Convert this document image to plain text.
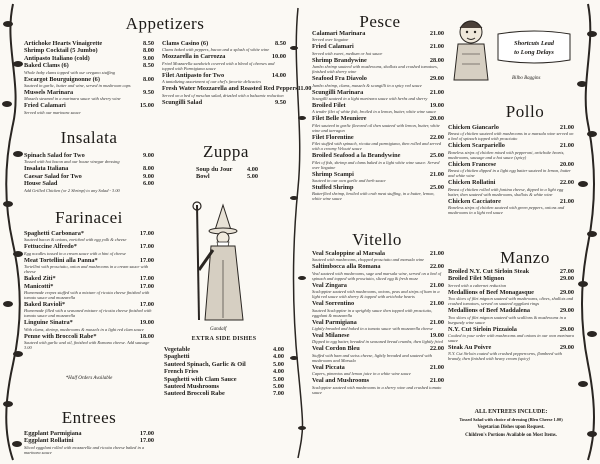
Appetizers
Artichoke Hearts Vinaigrette	8.50
Shrimp Cocktail (5 Jumbo)	8.00
Antipasto Italiano (cold)	9.00
Baked Clams (6)	8.50
Whole baby clams topped with our oregano stuffing
Escargot Bourguignonne (6)	8.00
Sauteed in garlic, butter and wine, served in mushroom caps
Mussels Marinara	9.50
Mussels steamed in a marinara sauce with sherry wine
Fried Calamari	15.00
Served with our marinara sauce
Clams Casino (6)	8.50
Clams baked with peppers, bacon and a splash of white wine
Mozzarella in Carrozza	10.00
Fried Mozzarella sandwich covered with a blend of cheeses and topped with Parmigiana sauce
Filet Antipasto for Two	14.00
A tantalizing assortment of our chef's favorite delicacies
Fresh Water Mozzarella and Roasted Red Peppers 11.00
Served on a bed of mesclun salad, drizzled with a balsamic reduction
Scungilli Salad	9.50
Insalata
Spinach Salad for Two	9.00
Tossed with hot bacon and our house vinegar dressing
Insalata Italiana	8.00
Caesar Salad for Two	9.00
House Salad	6.00
Add Grilled Chicken (or 2 Shrimp) to any Salad - 3.00
Zuppa
Soup du Jour 4.00
Bowl	5.00
Gandalf
Farinacei
Spaghetti Carbonara*	17.00
Sauteed bacon & onions, enriched with egg yolk & cheese
Fettuccine Alfredo*	17.00
Egg noodles tossed in a cream sauce with a hint of cheese
Meat Tortellini alla Panna*	17.00
Tortellini with prosciutto, onion and mushrooms in a cream sauce with cheese
Baked Ziti*	17.00
Manicotti*	17.00
Homemade crepes stuffed with a mixture of ricotta cheese finished with tomato sauce and mozzarella
Baked Ravioli*	17.00
Homemade filled with a seasoned mixture of ricotta cheese finished with tomato sauce and mozzarella
Linguine Sinatra*	19.00
With clams, shrimp, mushrooms & mussels in a light red clam sauce
Penne with Broccoli Rabe*	18.00
Sauteed with garlic and oil, finished with Romano cheese. Add sausage 3.00
*Half Orders Available
Entrees
Eggplant Parmigiana	17.00
Eggplant Rollatini	17.00
Sliced eggplant rolled with mozzarella and ricotta cheese baked in a marinara sauce
EXTRA SIDE DISHES
Vegetable	4.00
Spaghetti	4.00
Sauteed Spinach, Garlic & Oil	5.00
French Fries	4.00
Spaghetti with Clam Sauce	5.00
Sauteed Mushrooms	5.00
Sauteed Broccoli Rabe	7.00
Pesce
Calamari Marinara	21.00
Served over linguine
Fried Calamari	21.00
Served with sweet, medium or hot sauce
Shrimp Brandywine	28.00
Jumbo shrimp sauteed with mushrooms, shallots and crushed tomatoes, finished with sherry wine
Seafood Fra Diavolo	29.00
Jumbo shrimp, clams, mussels & scungilli in a spicy red sauce
Scungilli Marinara	21.00
Scungilli sauteed in a light marinara sauce with herbs and sherry
Broiled Filet	19.00
A tender filet of white fish, broiled in a lemon, butter, white wine sauce
Filet Belle Meuniere	20.00
Filet sauteed in garlic flavored oil then sauteed with lemon, butter, white wine and tarragon
Filet Florentine	22.00
Filet stuffed with spinach, ricotta and parmigiana, then rolled and served with a creamy Velouté sauce
Broiled Seafood a la Brandywine	25.00
Filet of fish, shrimp and clams baked in a light white wine sauce. Served over linguine
Shrimp Scampi	21.00
Sauteed in our own garlic and herb sauce
Stuffed Shrimp	25.00
Butterflied shrimp, broiled with crab meat stuffing, in a butter, lemon, white wine sauce
Shortcuts Lead
to Long Delays
Bilbo Baggins
Pollo
Chicken Giancarlo	21.00
Breast of chicken sauteed with mushrooms in a marsala wine served on a bed of spinach topped with prosciutto
Chicken Scarpariello	21.00
Boneless strips of chicken mixed with pepperoni, artichoke hearts, mushrooms, sausage and a hot sauce (spicy)
Chicken Francese	20.00
Breast of chicken dipped in a light egg batter sauteed in lemon, butter and white wine
Chicken Rollatini	22.00
Breast of chicken rolled with fontina cheese, dipped in a light egg batter, then sauteed with mushrooms, shallots & white wine
Chicken Cacciatore	21.00
Boneless strips of chicken sauteed with green peppers, onions and mushrooms in a light red sauce
Vitello
Veal Scaloppine al Marsala	21.00
Sauteed with mushrooms, chopped prosciutto and marsala wine
Saltimbocca alla Romana	22.00
Veal sauteed with mushrooms, sage and marsala wine, served on a bed of spinach and topped with prosciutto, sliced egg & fresh mozz
Veal Zingara	21.00
Scaloppine sauteed with mushrooms, onions, peas and strips of ham in a light red sauce with sherry & topped with artichoke hearts
Veal Sorrentino	21.00
Sauteed Scaloppine in a sprightly sauce then topped with prosciutto, eggplant & mozzarella
Veal Parmigiana	21.00
Lightly breaded and baked in a tomato sauce with mozzarella cheese
Veal Milanese	19.00
Dipped in egg batter, breaded in seasoned bread crumbs, then lightly fried
Veal Cordon Bleu	22.00
Stuffed with ham and swiss cheese, lightly breaded and sauteed with mushrooms and Marsala
Veal Piccata	21.00
Capers, pimentos and lemon juice in a white wine sauce
Veal and Mushrooms	21.00
Scaloppine sauteed with mushrooms in a sherry wine and crushed tomato sauce
Manzo
Broiled N.Y. Cut Sirloin Steak	27.00
Broiled Filet Mignon	29.00
Served with a cabernet reduction
Medallions of Beef Monagasque	29.00
Two slices of filet mignon sauteed with mushrooms, olives, shallots and crushed tomatoes, served on sauteed eggplant rings
Medallions of Beef Maddalena	29.00
Two slices of filet mignon sauteed with scallions & mushrooms in a burgundy wine sauce
N.Y. Cut Sirloin Pizzaiola	29.00
Cooked to your order with mushrooms and onions in our own marinara sauce
Steak Au Poivre	29.00
N.Y. Cut Sirloin coated with crushed peppercorns, flambeed with brandy, then finished with heavy cream (spicy)
ALL ENTREES INCLUDE:
Tossed Salad with choice of dressing (Bleu Cheese 1.00)
Vegetarian Dishes upon Request.
Children's Portions Available on Most Items.
